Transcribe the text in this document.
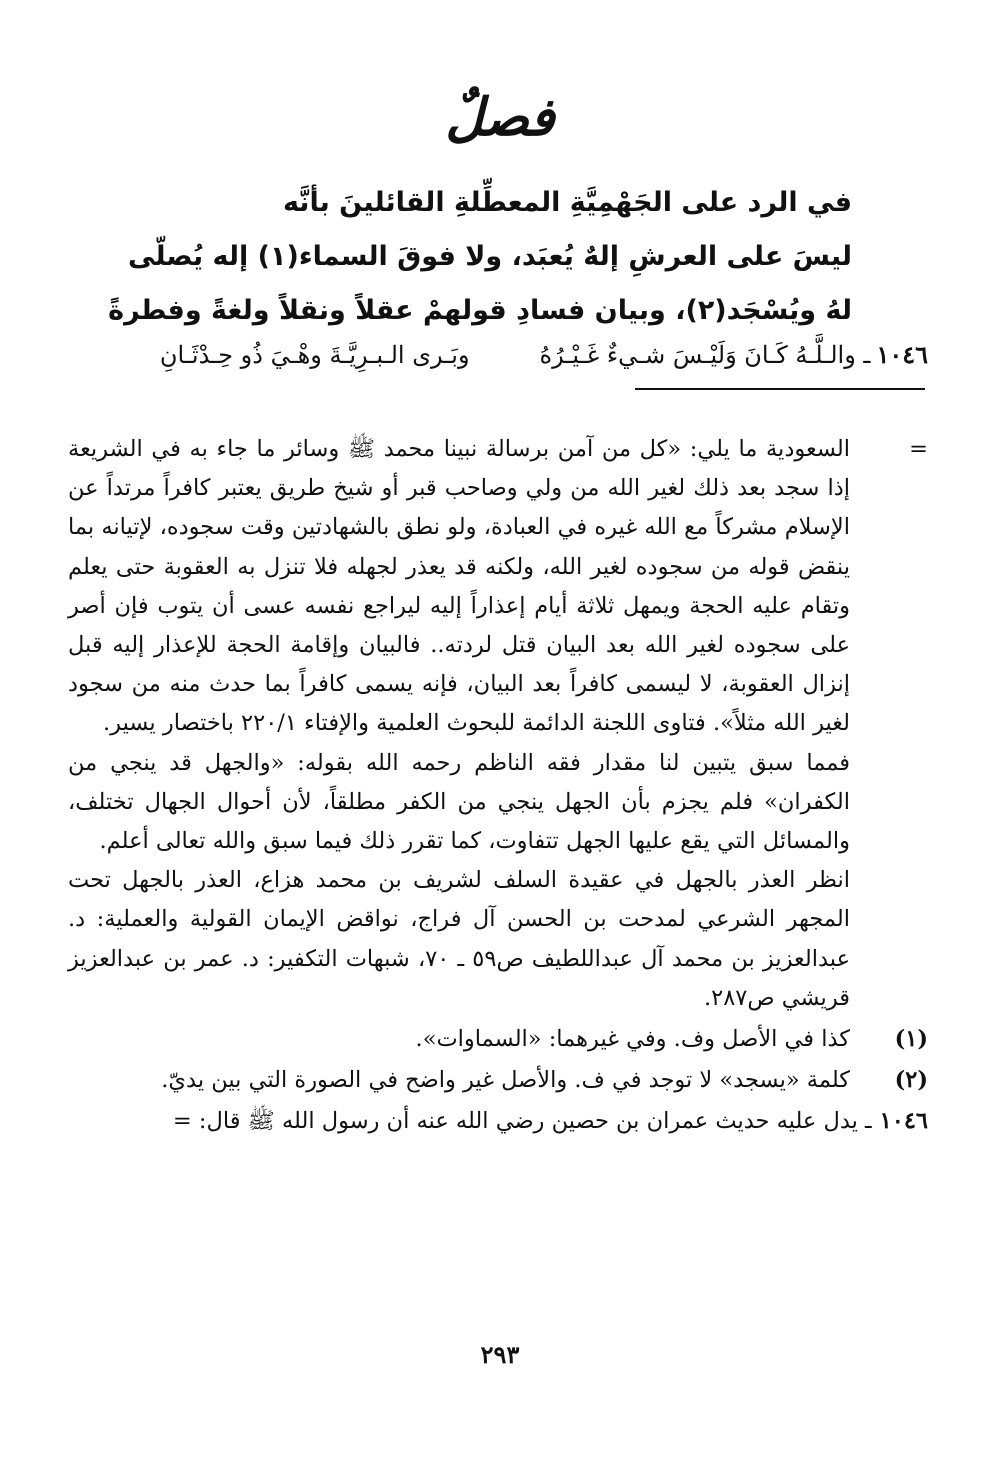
فصلٌ
في الرد على الجَهْمِيَّةِ المعطِّلةِ القائلينَ بأنَّه
ليسَ على العرشِ إلهٌ يُعبَد، ولا فوقَ السماء(١) إله يُصلّى
لهُ ويُسْجَد(٢)، وبيان فسادِ قولهمْ عقلاً ونقلاً ولغةً وفطرةً
١٠٤٦
ـ والـلَّـهُ كَـانَ وَلَيْـسَ شـيءٌ غَـيْـرُهُ
وبَـرى الـبـرِيَّـةَ وهْـيَ ذُو حِـدْثَـانِ

=
السعودية ما يلي: «كل من آمن برسالة نبينا محمد ﷺ وسائر ما جاء به في الشريعة إذا سجد بعد ذلك لغير الله من ولي وصاحب قبر أو شيخ طريق يعتبر كافراً مرتداً عن الإسلام مشركاً مع الله غيره في العبادة، ولو نطق بالشهادتين وقت سجوده، لإتيانه بما ينقض قوله من سجوده لغير الله، ولكنه قد يعذر لجهله فلا تنزل به العقوبة حتى يعلم وتقام عليه الحجة ويمهل ثلاثة أيام إعذاراً إليه ليراجع نفسه عسى أن يتوب فإن أصر على سجوده لغير الله بعد البيان قتل لردته.. فالبيان وإقامة الحجة للإعذار إليه قبل إنزال العقوبة، لا ليسمى كافراً بعد البيان، فإنه يسمى كافراً بما حدث منه من سجود لغير الله مثلاً». فتاوى اللجنة الدائمة للبحوث العلمية والإفتاء ٢٢٠/١ باختصار يسير.

فمما سبق يتبين لنا مقدار فقه الناظم رحمه الله بقوله: «والجهل قد ينجي من الكفران» فلم يجزم بأن الجهل ينجي من الكفر مطلقاً، لأن أحوال الجهال تختلف، والمسائل التي يقع عليها الجهل تتفاوت، كما تقرر ذلك فيما سبق والله تعالى أعلم.

انظر العذر بالجهل في عقيدة السلف لشريف بن محمد هزاع، العذر بالجهل تحت المجهر الشرعي لمدحت بن الحسن آل فراج، نواقض الإيمان القولية والعملية: د. عبدالعزيز بن محمد آل عبداللطيف ص٥٩ ـ ٧٠، شبهات التكفير: د. عمر بن عبدالعزيز قريشي ص٢٨٧.

(١)
كذا في الأصل وف. وفي غيرهما: «السماوات».
(٢)
كلمة «يسجد» لا توجد في ف. والأصل غير واضح في الصورة التي بين يديّ.
١٠٤٦
ـ يدل عليه حديث عمران بن حصين رضي الله عنه أن رسول الله ﷺ قال: =
٢٩٣
